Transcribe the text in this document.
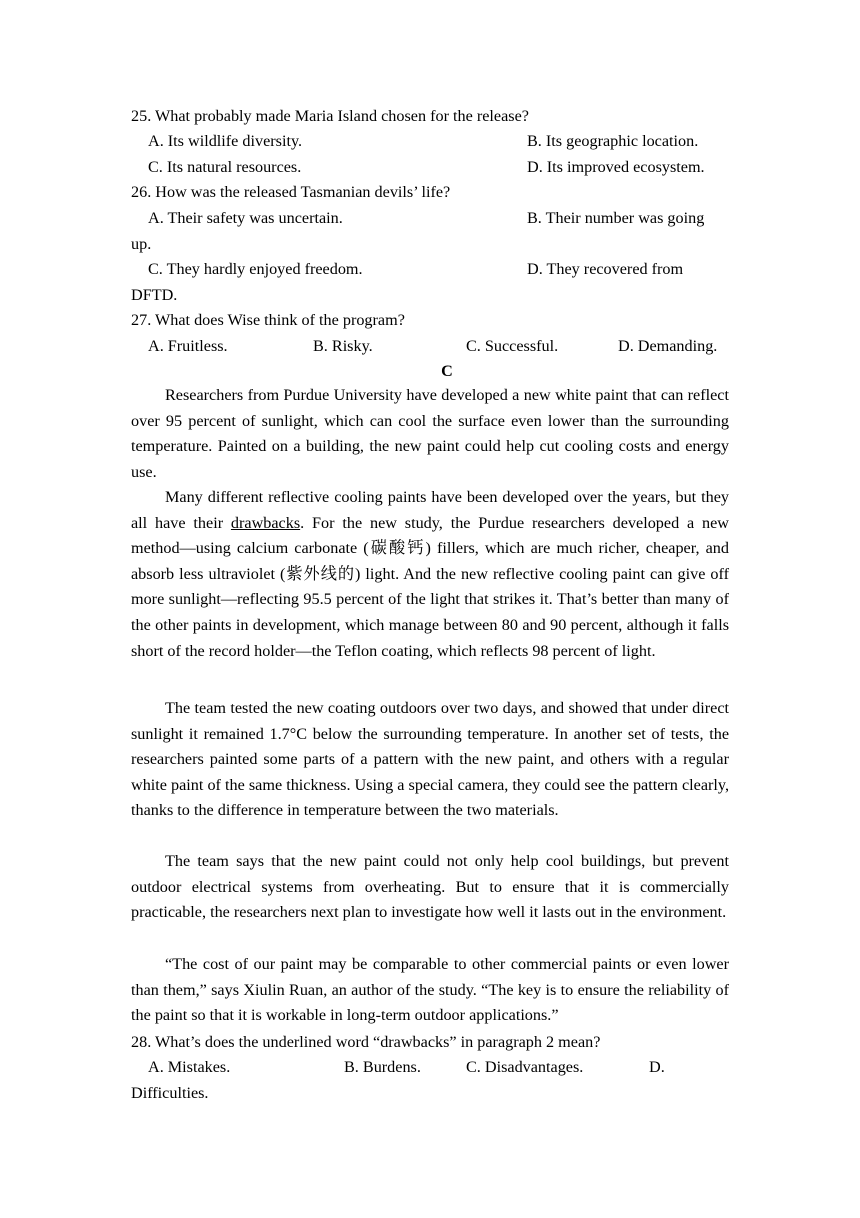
25. What probably made Maria Island chosen for the release?
A. Its wildlife diversity.	B. Its geographic location.
C. Its natural resources.	D. Its improved ecosystem.
26. How was the released Tasmanian devils’ life?
A. Their safety was uncertain.	B. Their number was going
up.
C. They hardly enjoyed freedom.	D. They recovered from
DFTD.
27. What does Wise think of the program?
A. Fruitless.	B. Risky.	C. Successful.	D. Demanding.
C

Researchers from Purdue University have developed a new white paint that can reflect over 95 percent of sunlight, which can cool the surface even lower than the surrounding temperature. Painted on a building, the new paint could help cut cooling costs and energy use.

Many different reflective cooling paints have been developed over the years, but they all have their drawbacks. For the new study, the Purdue researchers developed a new method—using calcium carbonate (碳酸钙) fillers, which are much richer, cheaper, and absorb less ultraviolet (紫外线的) light. And the new reflective cooling paint can give off more sunlight—reflecting 95.5 percent of the light that strikes it. That’s better than many of the other paints in development, which manage between 80 and 90 percent, although it falls short of the record holder—the Teflon coating, which reflects 98 percent of light.

The team tested the new coating outdoors over two days, and showed that under direct sunlight it remained 1.7°C below the surrounding temperature. In another set of tests, the researchers painted some parts of a pattern with the new paint, and others with a regular white paint of the same thickness. Using a special camera, they could see the pattern clearly, thanks to the difference in temperature between the two materials.

The team says that the new paint could not only help cool buildings, but prevent outdoor electrical systems from overheating. But to ensure that it is commercially practicable, the researchers next plan to investigate how well it lasts out in the environment.

“The cost of our paint may be comparable to other commercial paints or even lower than them,” says Xiulin Ruan, an author of the study. “The key is to ensure the reliability of the paint so that it is workable in long-term outdoor applications.”

28. What’s does the underlined word “drawbacks” in paragraph 2 mean?
A. Mistakes.	B. Burdens.	C. Disadvantages.	D.
Difficulties.
